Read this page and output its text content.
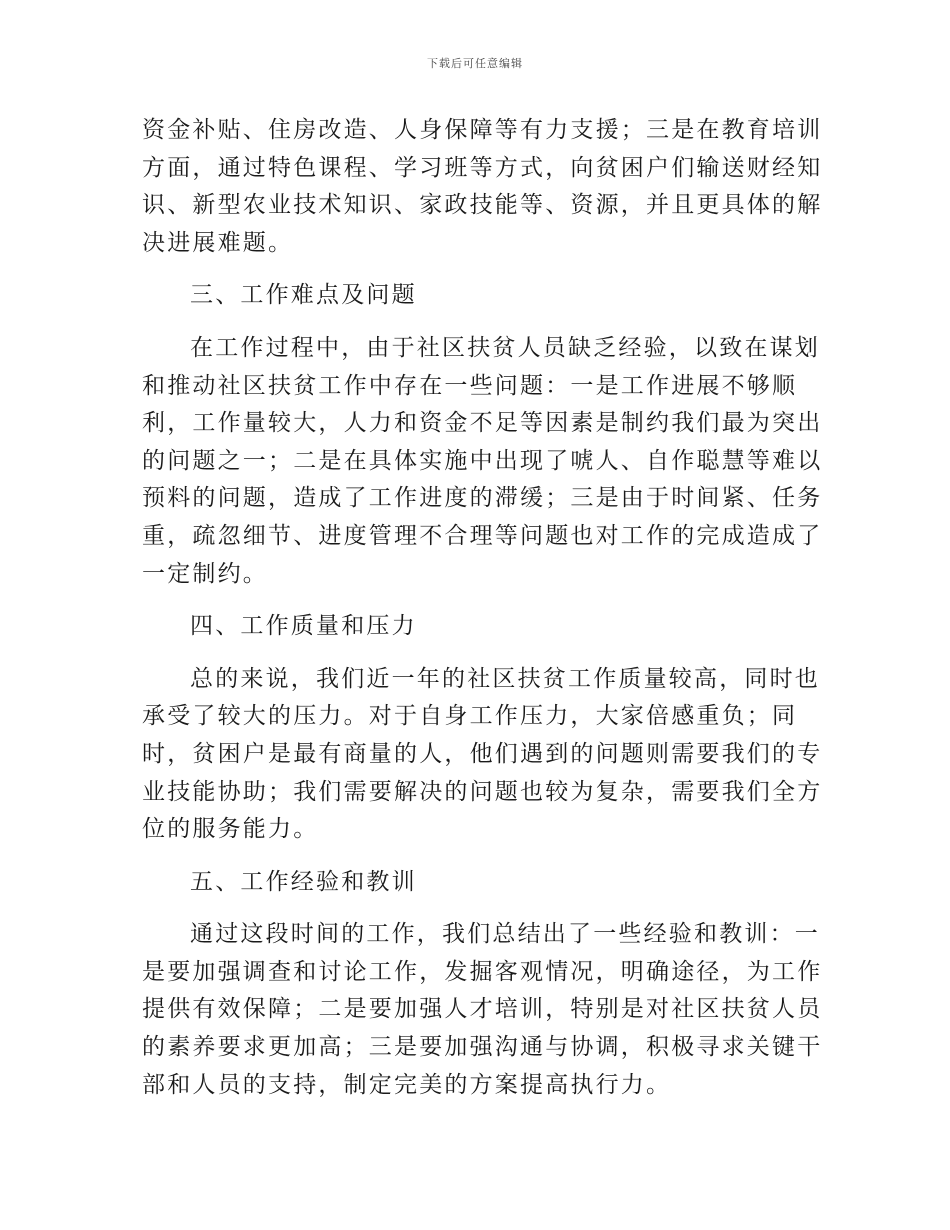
下载后可任意编辑
资金补贴、住房改造、人身保障等有力支援；三是在教育培训
方面，通过特色课程、学习班等方式，向贫困户们输送财经知
识、新型农业技术知识、家政技能等、资源，并且更具体的解
决进展难题。
三、工作难点及问题
在工作过程中，由于社区扶贫人员缺乏经验，以致在谋划
和推动社区扶贫工作中存在一些问题：一是工作进展不够顺
利，工作量较大，人力和资金不足等因素是制约我们最为突出
的问题之一；二是在具体实施中出现了唬人、自作聪慧等难以
预料的问题，造成了工作进度的滞缓；三是由于时间紧、任务
重，疏忽细节、进度管理不合理等问题也对工作的完成造成了
一定制约。
四、工作质量和压力
总的来说，我们近一年的社区扶贫工作质量较高，同时也
承受了较大的压力。对于自身工作压力，大家倍感重负；同
时，贫困户是最有商量的人，他们遇到的问题则需要我们的专
业技能协助；我们需要解决的问题也较为复杂，需要我们全方
位的服务能力。
五、工作经验和教训
通过这段时间的工作，我们总结出了一些经验和教训：一
是要加强调查和讨论工作，发掘客观情况，明确途径，为工作
提供有效保障；二是要加强人才培训，特别是对社区扶贫人员
的素养要求更加高；三是要加强沟通与协调，积极寻求关键干
部和人员的支持，制定完美的方案提高执行力。
